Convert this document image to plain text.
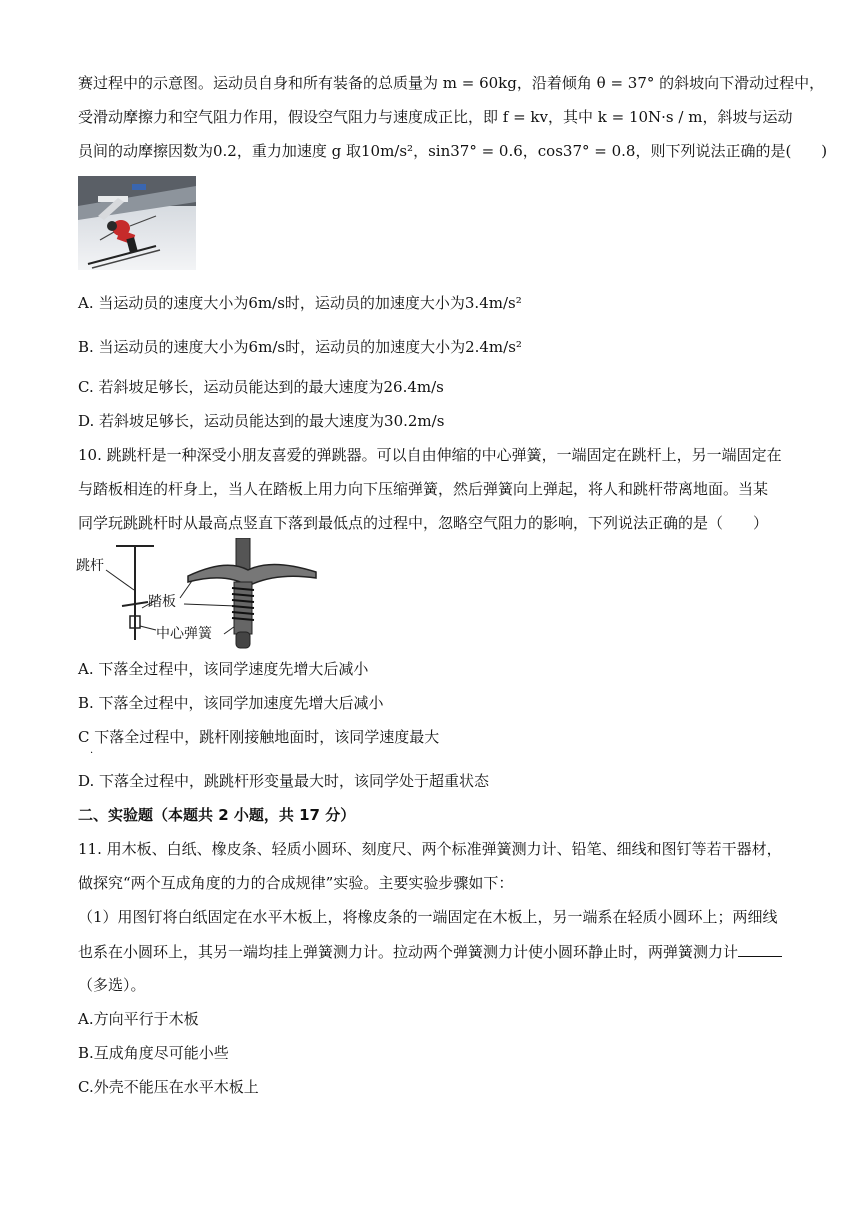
赛过程中的示意图。运动员自身和所有装备的总质量为 m = 60kg，沿着倾角 θ = 37° 的斜坡向下滑动过程中，
受滑动摩擦力和空气阻力作用，假设空气阻力与速度成正比，即 f = kv，其中 k = 10N·s / m，斜坡与运动
员间的动摩擦因数为0.2，重力加速度 g 取10m/s²，sin37° = 0.6，cos37° = 0.8，则下列说法正确的是(　　)
A. 当运动员的速度大小为6m/s时，运动员的加速度大小为3.4m/s²
B. 当运动员的速度大小为6m/s时，运动员的加速度大小为2.4m/s²
C. 若斜坡足够长，运动员能达到的最大速度为26.4m/s
D. 若斜坡足够长，运动员能达到的最大速度为30.2m/s
10. 跳跳杆是一种深受小朋友喜爱的弹跳器。可以自由伸缩的中心弹簧，一端固定在跳杆上，另一端固定在
与踏板相连的杆身上，当人在踏板上用力向下压缩弹簧，然后弹簧向上弹起，将人和跳杆带离地面。当某
同学玩跳跳杆时从最高点竖直下落到最低点的过程中，忽略空气阻力的影响，下列说法正确的是（　　）
跳杆
踏板
中心弹簧
A. 下落全过程中，该同学速度先增大后减小
B. 下落全过程中，该同学加速度先增大后减小
C 下落全过程中，跳杆刚接触地面时，该同学速度最大
·
D. 下落全过程中，跳跳杆形变量最大时，该同学处于超重状态
二、实验题（本题共 2 小题，共 17 分）
11. 用木板、白纸、橡皮条、轻质小圆环、刻度尺、两个标准弹簧测力计、铅笔、细线和图钉等若干器材，
做探究“两个互成角度的力的合成规律”实验。主要实验步骤如下：
（1）用图钉将白纸固定在水平木板上，将橡皮条的一端固定在木板上，另一端系在轻质小圆环上；两细线
也系在小圆环上，其另一端均挂上弹簧测力计。拉动两个弹簧测力计使小圆环静止时，两弹簧测力计
（多选）。
A.方向平行于木板
B.互成角度尽可能小些
C.外壳不能压在水平木板上
